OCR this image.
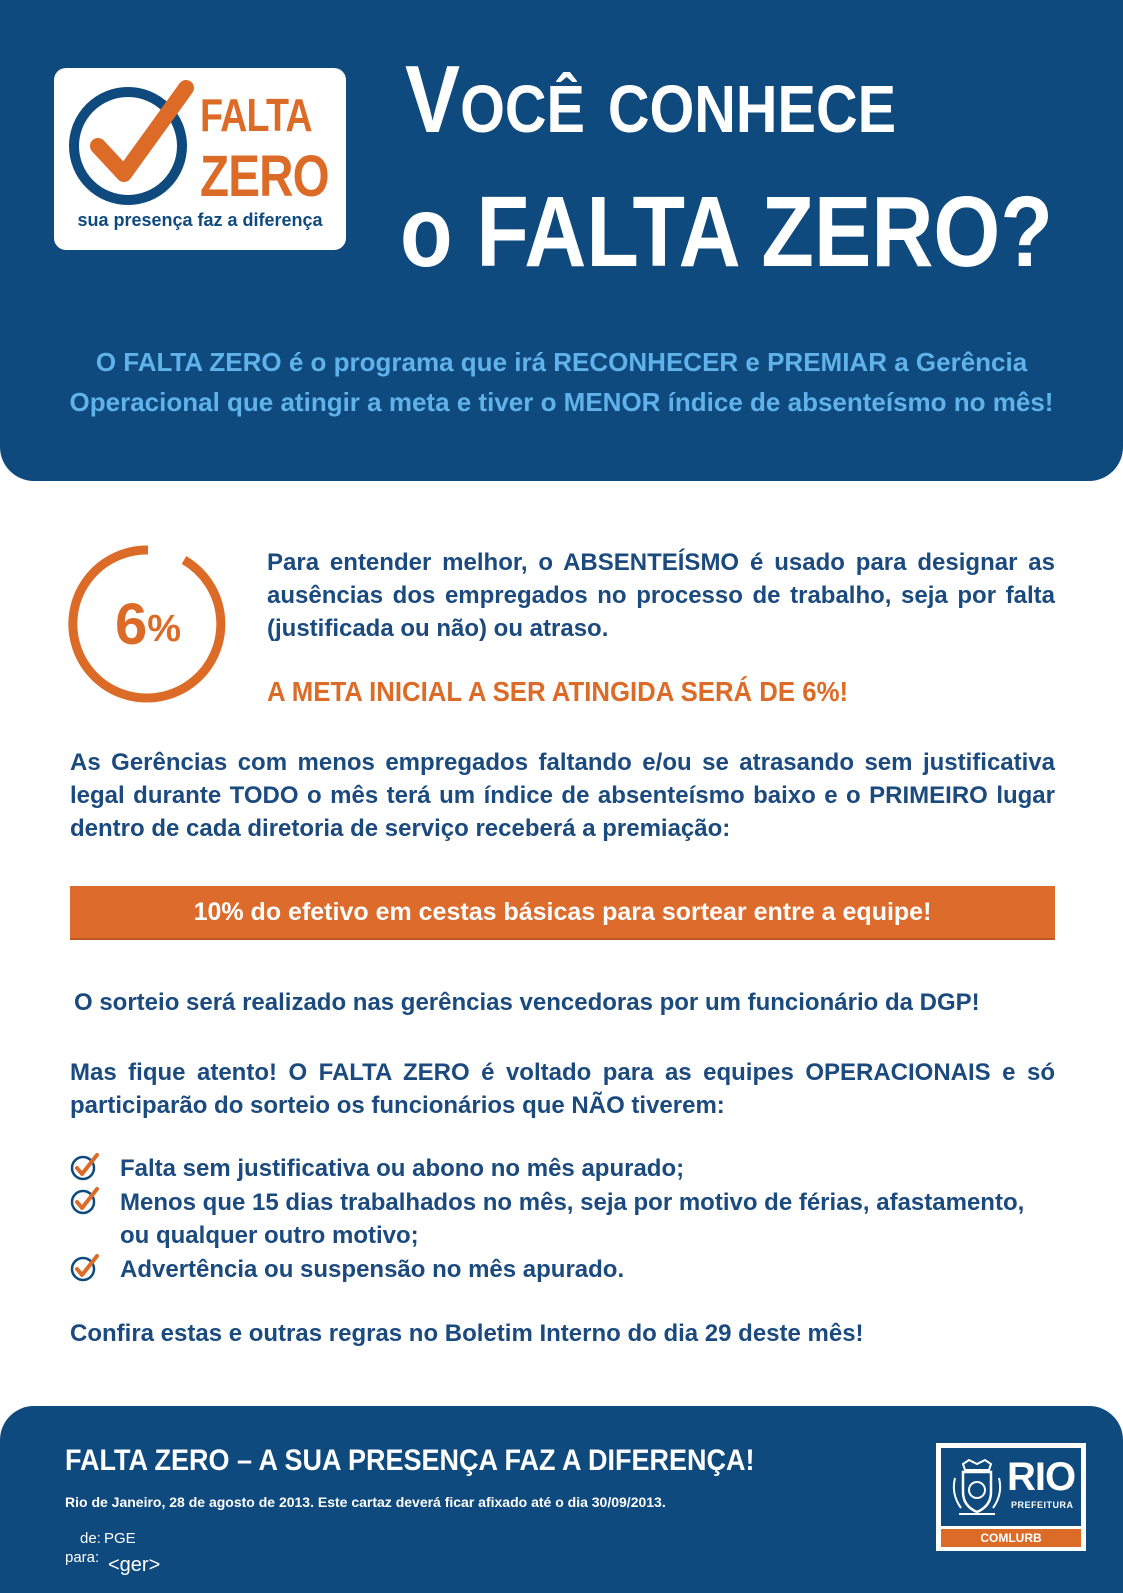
FALTA
ZERO
sua presença faz a diferença
Você conhece
o FALTA ZERO?
O FALTA ZERO é o programa que irá RECONHECER e PREMIAR a Gerência
Operacional que atingir a meta e tiver o MENOR índice de absenteísmo no mês!
6 %
Para entender melhor, o ABSENTEÍSMO é usado para designar as ausências dos empregados no processo de trabalho, seja por falta (justificada ou não) ou atraso.
A META INICIAL A SER ATINGIDA SERÁ DE 6%!
As Gerências com menos empregados faltando e/ou se atrasando sem justificativa legal durante TODO o mês terá um índice de absenteísmo baixo e o PRIMEIRO lugar dentro de cada diretoria de serviço receberá a premiação:
10% do efetivo em cestas básicas para sortear entre a equipe!
O sorteio será realizado nas gerências vencedoras por um funcionário da DGP!
Mas fique atento! O FALTA ZERO é voltado para as equipes OPERACIONAIS e só participarão do sorteio os funcionários que NÃO tiverem:
Falta sem justificativa ou abono no mês apurado;
Menos que 15 dias trabalhados no mês, seja por motivo de férias, afastamento, ou qualquer outro motivo;
Advertência ou suspensão no mês apurado.
Confira estas e outras regras no Boletim Interno do dia 29 deste mês!
FALTA ZERO – A SUA PRESENÇA FAZ A DIFERENÇA!
Rio de Janeiro, 28 de agosto de 2013. Este cartaz deverá ficar afixado até o dia 30/09/2013.
de: PGE
para: <ger>
RIO
PREFEITURA
COMLURB
